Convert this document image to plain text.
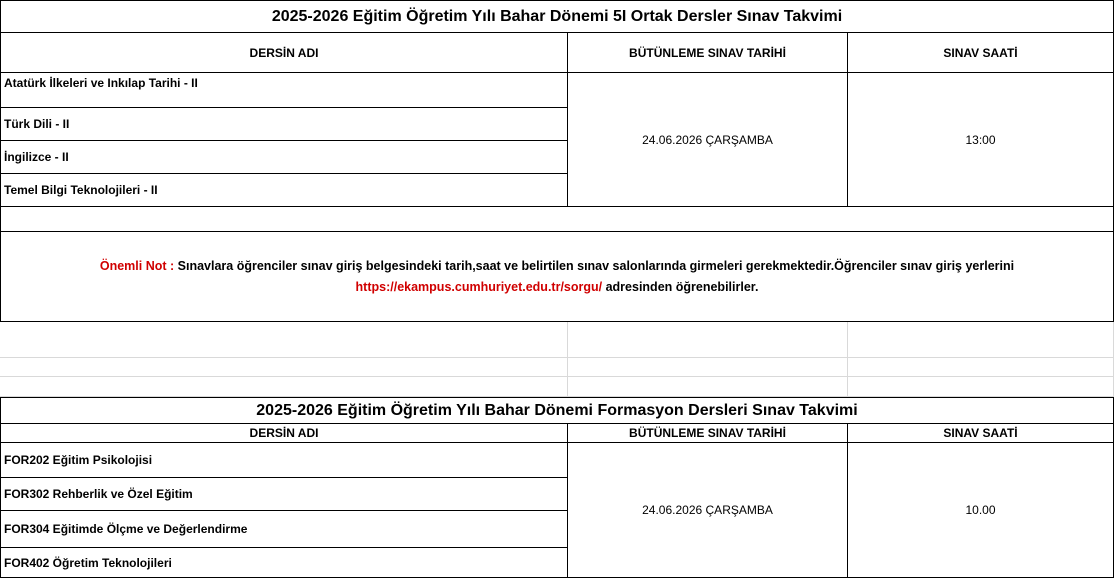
2025-2026 Eğitim Öğretim Yılı Bahar Dönemi 5I Ortak Dersler Sınav Takvimi
DERSİN ADI	BÜTÜNLEME SINAV TARİHİ	SINAV SAATİ
Atatürk İlkeleri ve Inkılap Tarihi - II
Türk Dili - II
İngilizce - II
Temel Bilgi Teknolojileri - II
24.06.2026 ÇARŞAMBA	13:00
Önemli Not : Sınavlara öğrenciler sınav giriş belgesindeki tarih,saat ve belirtilen sınav salonlarında girmeleri gerekmektedir.Öğrenciler sınav giriş yerlerini
https://ekampus.cumhuriyet.edu.tr/sorgu/ adresinden öğrenebilirler.
2025-2026 Eğitim Öğretim Yılı Bahar Dönemi Formasyon Dersleri Sınav Takvimi
DERSİN ADI	BÜTÜNLEME SINAV TARİHİ	SINAV SAATİ
FOR202 Eğitim Psikolojisi
FOR302 Rehberlik ve Özel Eğitim
FOR304 Eğitimde Ölçme ve Değerlendirme
FOR402 Öğretim Teknolojileri
24.06.2026 ÇARŞAMBA	10.00
